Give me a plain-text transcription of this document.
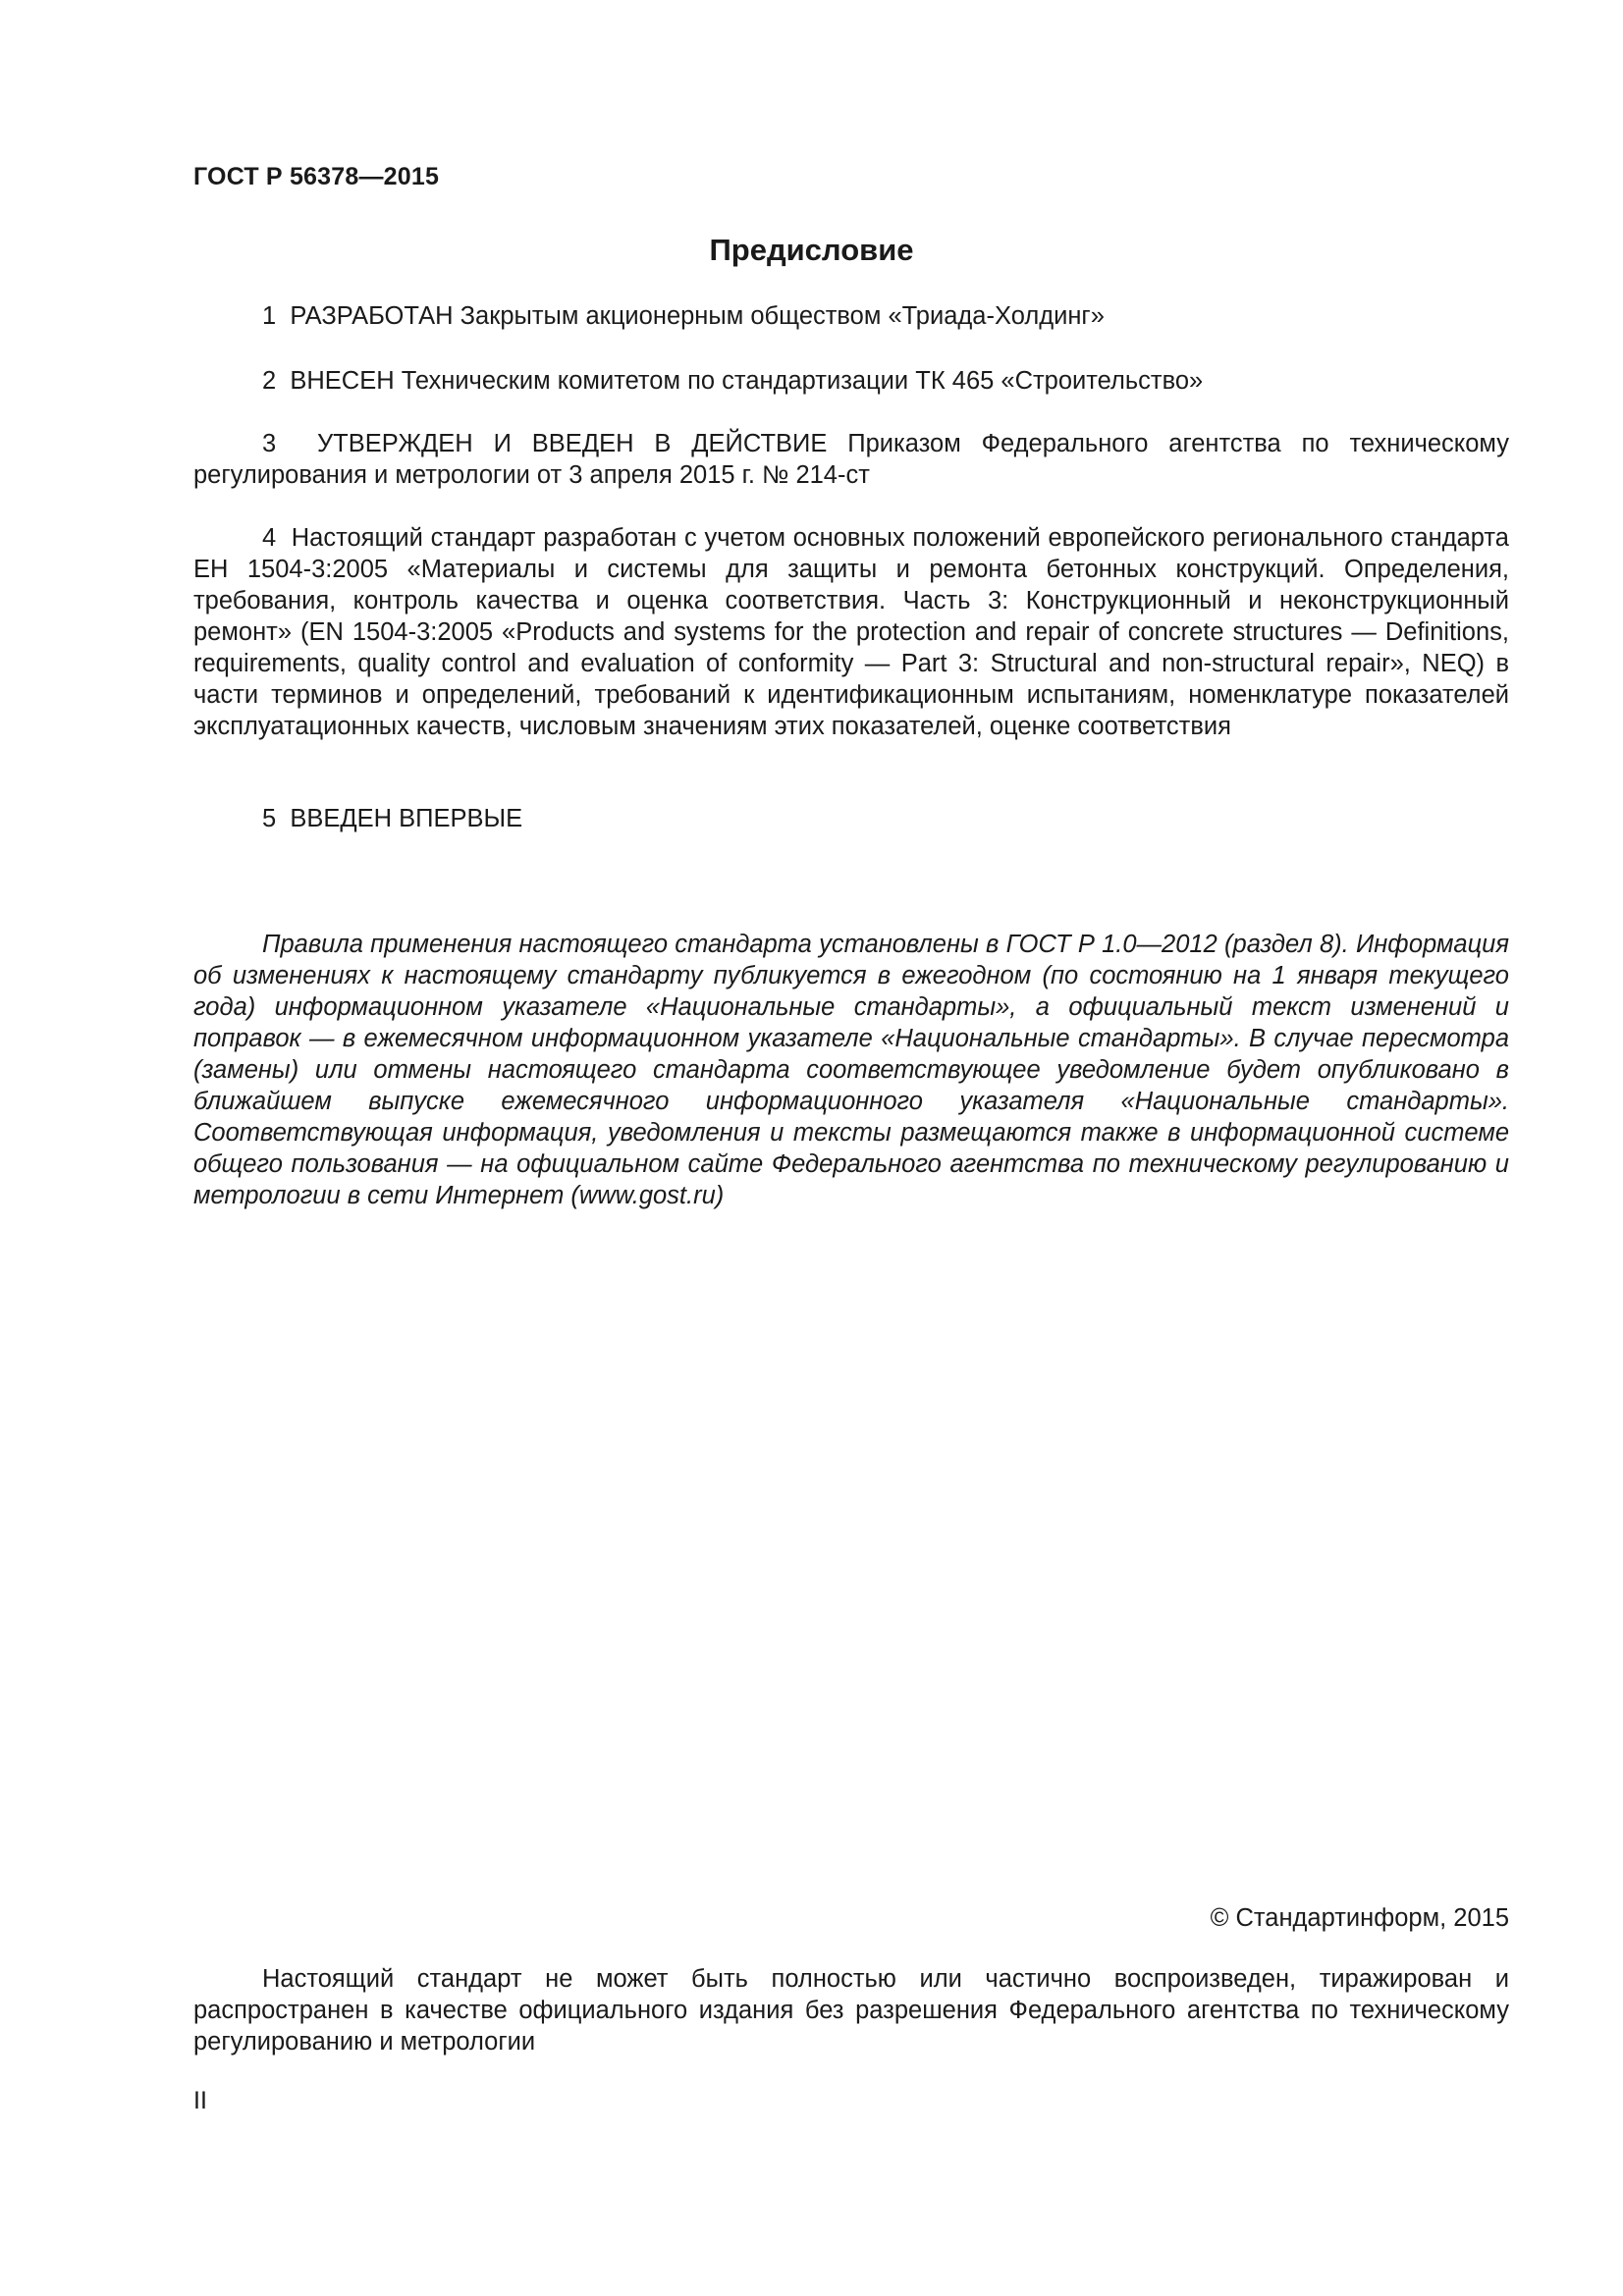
ГОСТ Р 56378—2015
Предисловие
1 РАЗРАБОТАН Закрытым акционерным обществом «Триада-Холдинг»
2 ВНЕСЕН Техническим комитетом по стандартизации ТК 465 «Строительство»
3 УТВЕРЖДЕН И ВВЕДЕН В ДЕЙСТВИЕ Приказом Федерального агентства по техническому регулирования и метрологии от 3 апреля 2015 г. № 214-ст
4 Настоящий стандарт разработан с учетом основных положений европейского регионального стандарта ЕН 1504-3:2005 «Материалы и системы для защиты и ремонта бетонных конструкций. Определения, требования, контроль качества и оценка соответствия. Часть 3: Конструкционный и неконструкционный ремонт» (EN 1504-3:2005 «Products and systems for the protection and repair of concrete structures — Definitions, requirements, quality control and evaluation of conformity — Part 3: Structural and non-structural repair», NEQ) в части терминов и определений, требований к идентификационным испытаниям, номенклатуре показателей эксплуатационных качеств, числовым значениям этих показателей, оценке соответствия
5 ВВЕДЕН ВПЕРВЫЕ
Правила применения настоящего стандарта установлены в ГОСТ Р 1.0—2012 (раздел 8). Информация об изменениях к настоящему стандарту публикуется в ежегодном (по состоянию на 1 января текущего года) информационном указателе «Национальные стандарты», а официальный текст изменений и поправок — в ежемесячном информационном указателе «Национальные стандарты». В случае пересмотра (замены) или отмены настоящего стандарта соответствующее уведомление будет опубликовано в ближайшем выпуске ежемесячного информационного указателя «Национальные стандарты». Соответствующая информация, уведомления и тексты размещаются также в информационной системе общего пользования — на официальном сайте Федерального агентства по техническому регулированию и метрологии в сети Интернет (www.gost.ru)
© Стандартинформ, 2015
Настоящий стандарт не может быть полностью или частично воспроизведен, тиражирован и распространен в качестве официального издания без разрешения Федерального агентства по техническому регулированию и метрологии
II
